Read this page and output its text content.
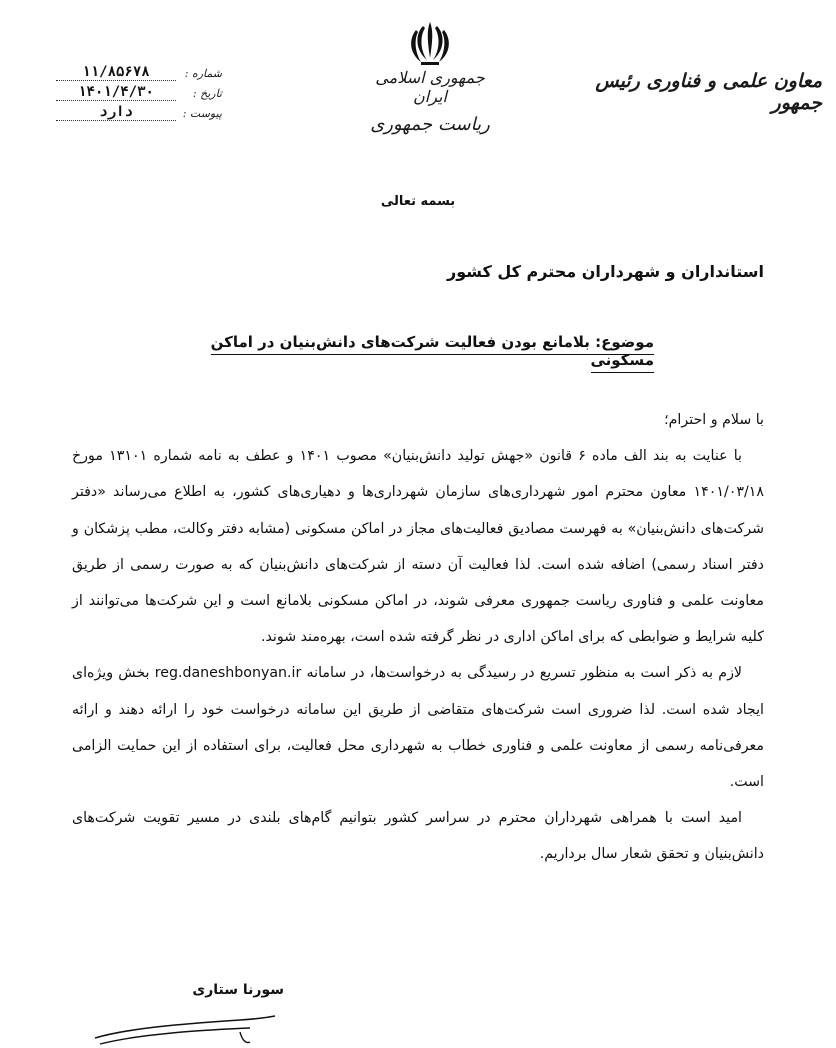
معاون علمی و فناوری رئیس جمهور
جمهوری اسلامی ایران
ریاست جمهوری
شماره :
۱۱/۸۵۶۷۸
تاریخ :
۱۴۰۱/۴/۳۰
پیوست :
دارد
بسمه تعالی
استانداران و شهرداران محترم کل کشور
موضوع: بلامانع بودن فعالیت شرکت‌های دانش‌بنیان در اماکن مسکونی

با سلام و احترام؛

با عنایت به بند الف ماده ۶ قانون «جهش تولید دانش‌بنیان» مصوب ۱۴۰۱ و عطف به نامه شماره ۱۳۱۰۱ مورخ ۱۴۰۱/۰۳/۱۸ معاون محترم امور شهرداری‌های سازمان شهرداری‌ها و دهیاری‌های کشور، به اطلاع می‌رساند «دفتر شرکت‌های دانش‌بنیان» به فهرست مصادیق فعالیت‌های مجاز در اماکن مسکونی (مشابه دفتر وکالت، مطب پزشکان و دفتر اسناد رسمی) اضافه شده است. لذا فعالیت آن دسته از شرکت‌های دانش‌بنیان که به صورت رسمی از طریق معاونت علمی و فناوری ریاست جمهوری معرفی شوند، در اماکن مسکونی بلامانع است و این شرکت‌ها می‌توانند از کلیه شرایط و ضوابطی که برای اماکن اداری در نظر گرفته شده است، بهره‌مند شوند.

لازم به ذکر است به منظور تسریع در رسیدگی به درخواست‌ها، در سامانه reg.daneshbonyan.ir بخش ویژه‌ای ایجاد شده است. لذا ضروری است شرکت‌های متقاضی از طریق این سامانه درخواست خود را ارائه دهند و ارائه معرفی‌نامه رسمی از معاونت علمی و فناوری خطاب به شهرداری محل فعالیت، برای استفاده از این حمایت الزامی است.

امید است با همراهی شهرداران محترم در سراسر کشور بتوانیم گام‌های بلندی در مسیر تقویت شرکت‌های دانش‌بنیان و تحقق شعار سال برداریم.

سورنا ستاری
